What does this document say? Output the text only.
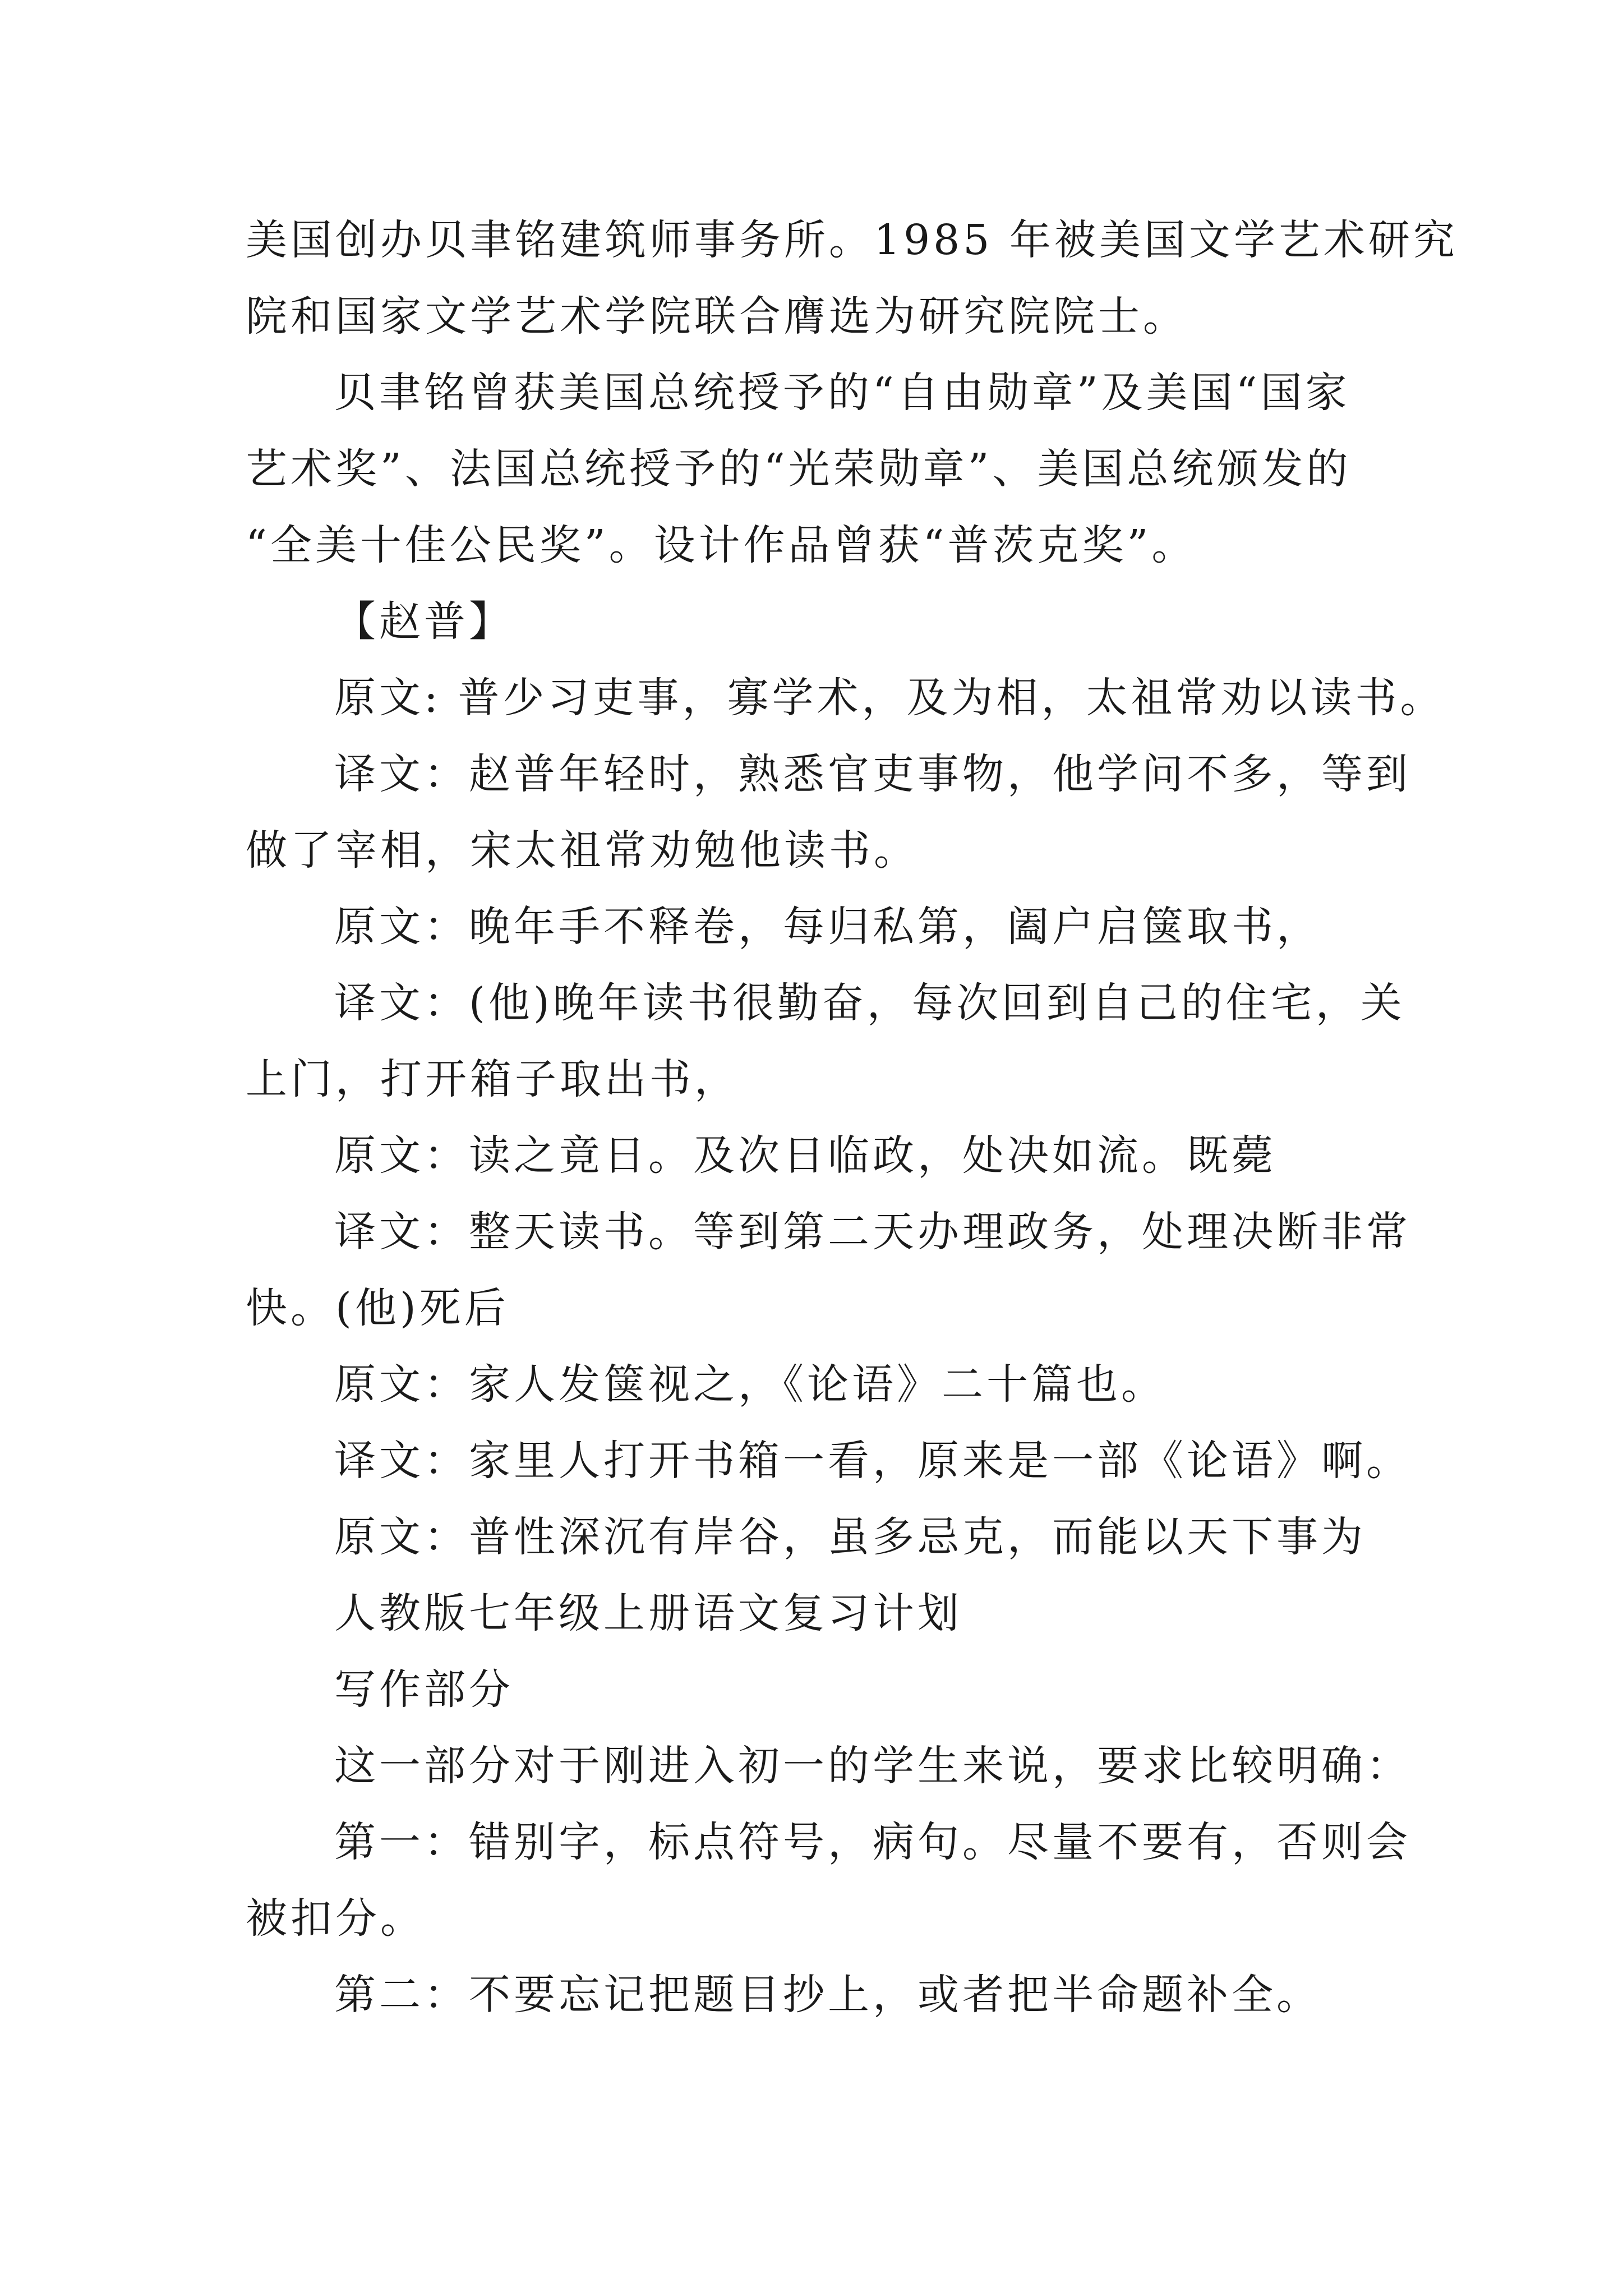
美国创办贝聿铭建筑师事务所。1985 年被美国文学艺术研究
院和国家文学艺术学院联合膺选为研究院院士。
贝聿铭曾获美国总统授予的“自由勋章”及美国“国家
艺术奖”、法国总统授予的“光荣勋章”、美国总统颁发的
“全美十佳公民奖”。设计作品曾获“普茨克奖”。
【赵普】
原文: 普少习吏事，寡学术，及为相，太祖常劝以读书。
译文：赵普年轻时，熟悉官吏事物，他学问不多，等到
做了宰相，宋太祖常劝勉他读书。
原文：晚年手不释卷，每归私第，阖户启箧取书，
译文：(他)晚年读书很勤奋，每次回到自己的住宅，关
上门，打开箱子取出书，
原文：读之竟日。及次日临政，处决如流。既薨
译文：整天读书。等到第二天办理政务，处理决断非常
快。(他)死后
原文：家人发箧视之，《论语》二十篇也。
译文：家里人打开书箱一看，原来是一部《论语》啊。
原文：普性深沉有岸谷，虽多忌克，而能以天下事为
人教版七年级上册语文复习计划
写作部分
这一部分对于刚进入初一的学生来说，要求比较明确：
第一：错别字，标点符号，病句。尽量不要有，否则会
被扣分。
第二：不要忘记把题目抄上，或者把半命题补全。
